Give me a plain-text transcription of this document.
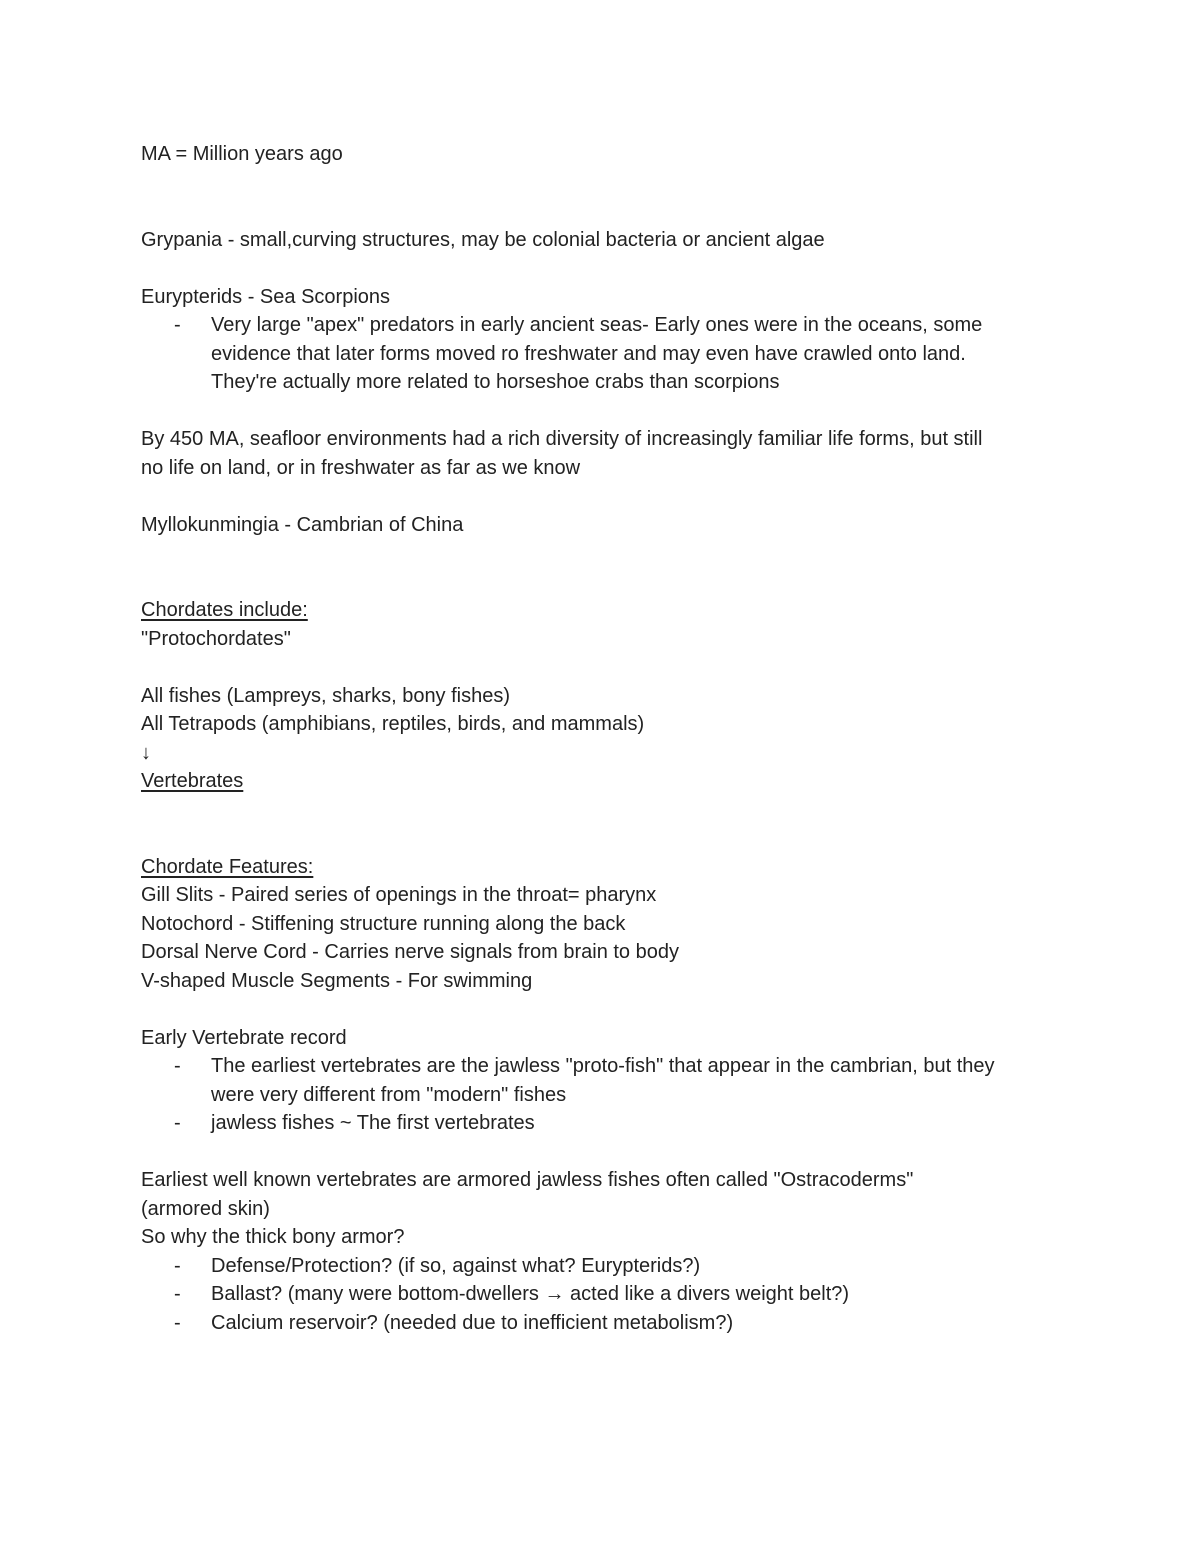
MA = Million years ago
Grypania - small,curving structures, may be colonial bacteria or ancient algae
Eurypterids - Sea Scorpions
- Very large "apex" predators in early ancient seas- Early ones were in the oceans, some
evidence that later forms moved ro freshwater and may even have crawled onto land.
They're actually more related to horseshoe crabs than scorpions
By 450 MA, seafloor environments had a rich diversity of increasingly familiar life forms, but still
no life on land, or in freshwater as far as we know
Myllokunmingia - Cambrian of China
Chordates include:
"Protochordates"
All fishes (Lampreys, sharks, bony fishes)
All Tetrapods (amphibians, reptiles, birds, and mammals)
↓
Vertebrates
Chordate Features:
Gill Slits - Paired series of openings in the throat= pharynx
Notochord - Stiffening structure running along the back
Dorsal Nerve Cord - Carries nerve signals from brain to body
V-shaped Muscle Segments - For swimming
Early Vertebrate record
- The earliest vertebrates are the jawless "proto-fish" that appear in the cambrian, but they
were very different from "modern" fishes
- jawless fishes ~ The first vertebrates
Earliest well known vertebrates are armored jawless fishes often called "Ostracoderms"
(armored skin)
So why the thick bony armor?
- Defense/Protection? (if so, against what? Eurypterids?)
- Ballast? (many were bottom-dwellers → acted like a divers weight belt?)
- Calcium reservoir? (needed due to inefficient metabolism?)
